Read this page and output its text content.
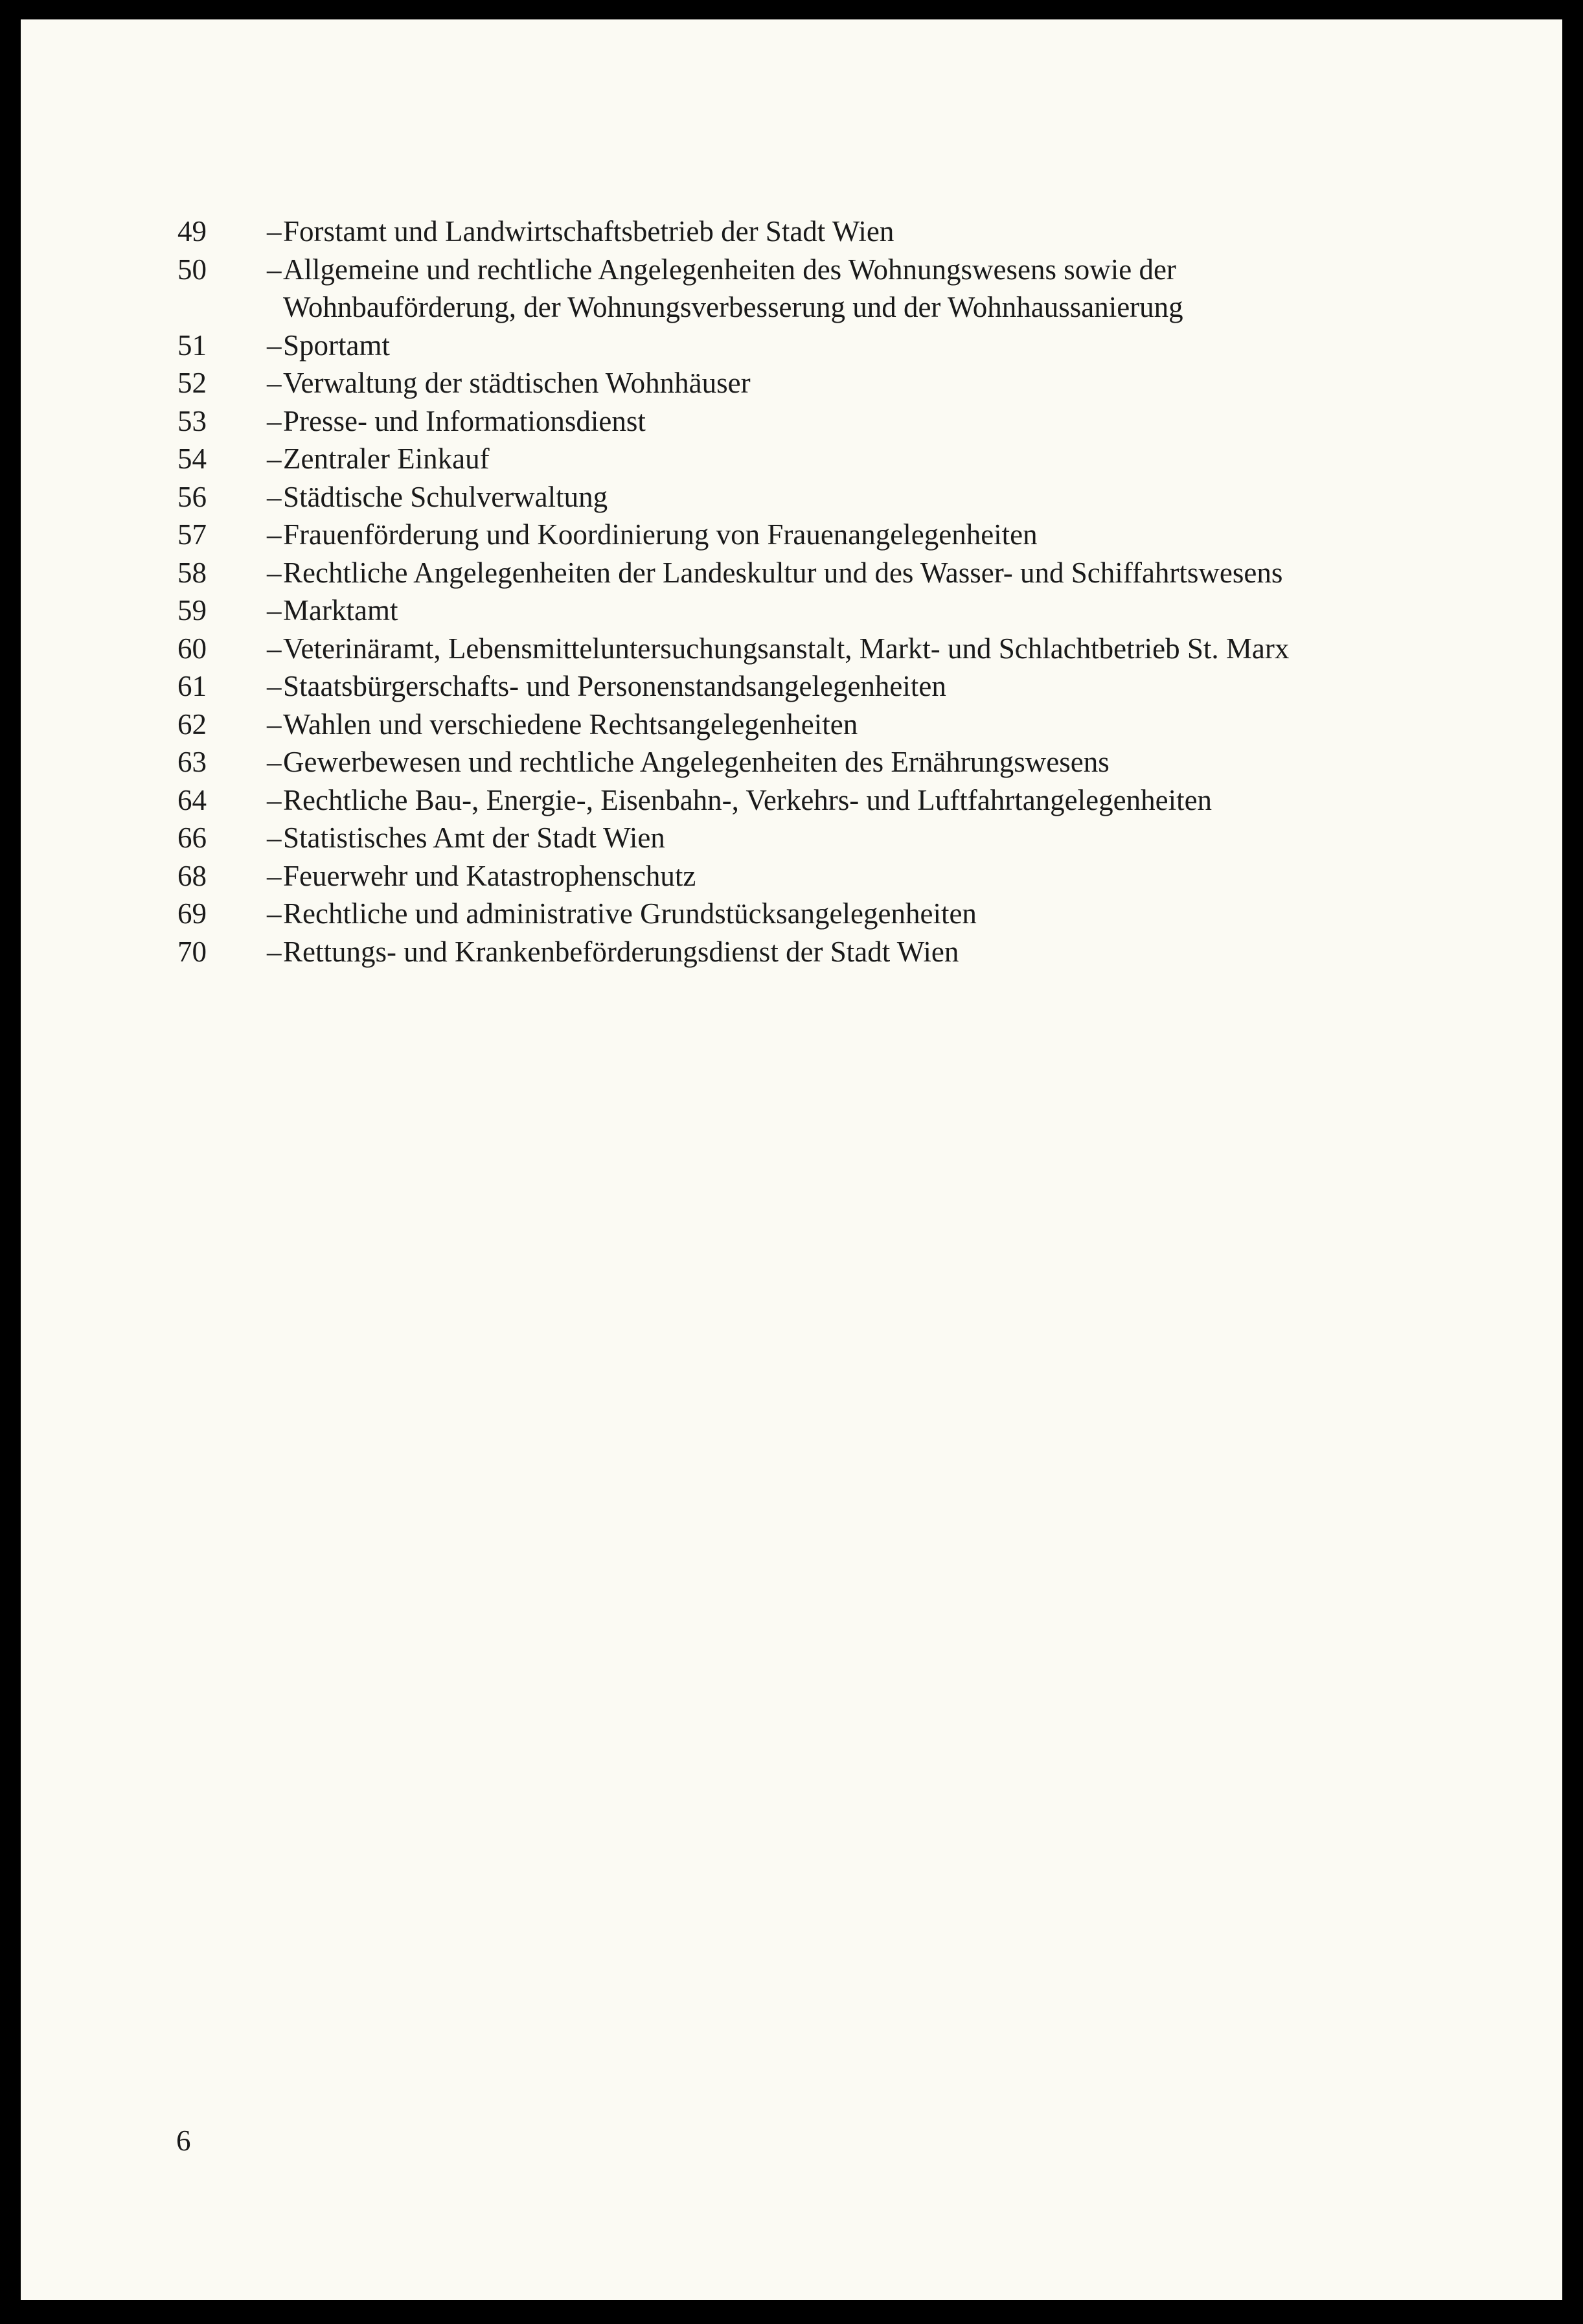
49	– Forstamt und Landwirtschaftsbetrieb der Stadt Wien
50	– Allgemeine und rechtliche Angelegenheiten des Wohnungswesens sowie der Wohnbauförderung, der Wohnungsverbesserung und der Wohnhaussanierung
51	– Sportamt
52	– Verwaltung der städtischen Wohnhäuser
53	– Presse- und Informationsdienst
54	– Zentraler Einkauf
56	– Städtische Schulverwaltung
57	– Frauenförderung und Koordinierung von Frauenangelegenheiten
58	– Rechtliche Angelegenheiten der Landeskultur und des Wasser- und Schiffahrtswesens
59	– Marktamt
60	– Veterinäramt, Lebensmitteluntersuchungsanstalt, Markt- und Schlachtbetrieb St. Marx
61	– Staatsbürgerschafts- und Personenstandsangelegenheiten
62	– Wahlen und verschiedene Rechtsangelegenheiten
63	– Gewerbewesen und rechtliche Angelegenheiten des Ernährungswesens
64	– Rechtliche Bau-, Energie-, Eisenbahn-, Verkehrs- und Luftfahrtangelegenheiten
66	– Statistisches Amt der Stadt Wien
68	– Feuerwehr und Katastrophenschutz
69	– Rechtliche und administrative Grundstücksangelegenheiten
70	– Rettungs- und Krankenbeförderungsdienst der Stadt Wien
6
